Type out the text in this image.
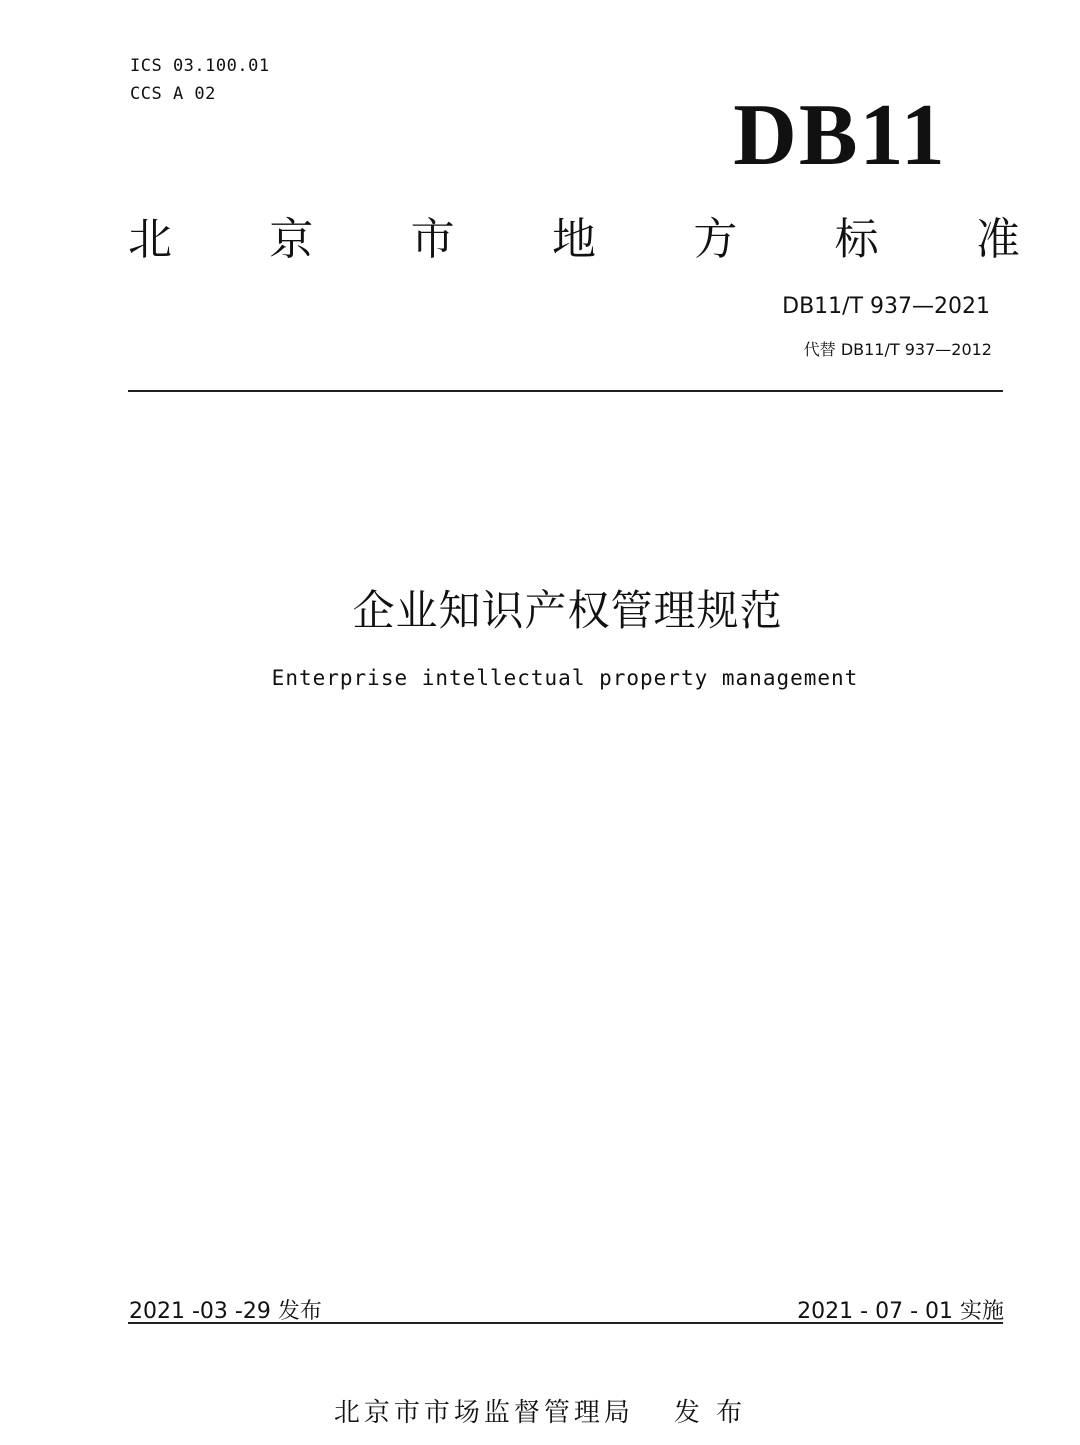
ICS 03.100.01
CCS A 02	DB11
北 京 市 地 方 标 准
DB11/T 937—2021
代替 DB11/T 937—2012
企业知识产权管理规范
Enterprise intellectual property management
2021 -03 -29 发布	2021 - 07 - 01 实施
北京市市场监督管理局 发 布
